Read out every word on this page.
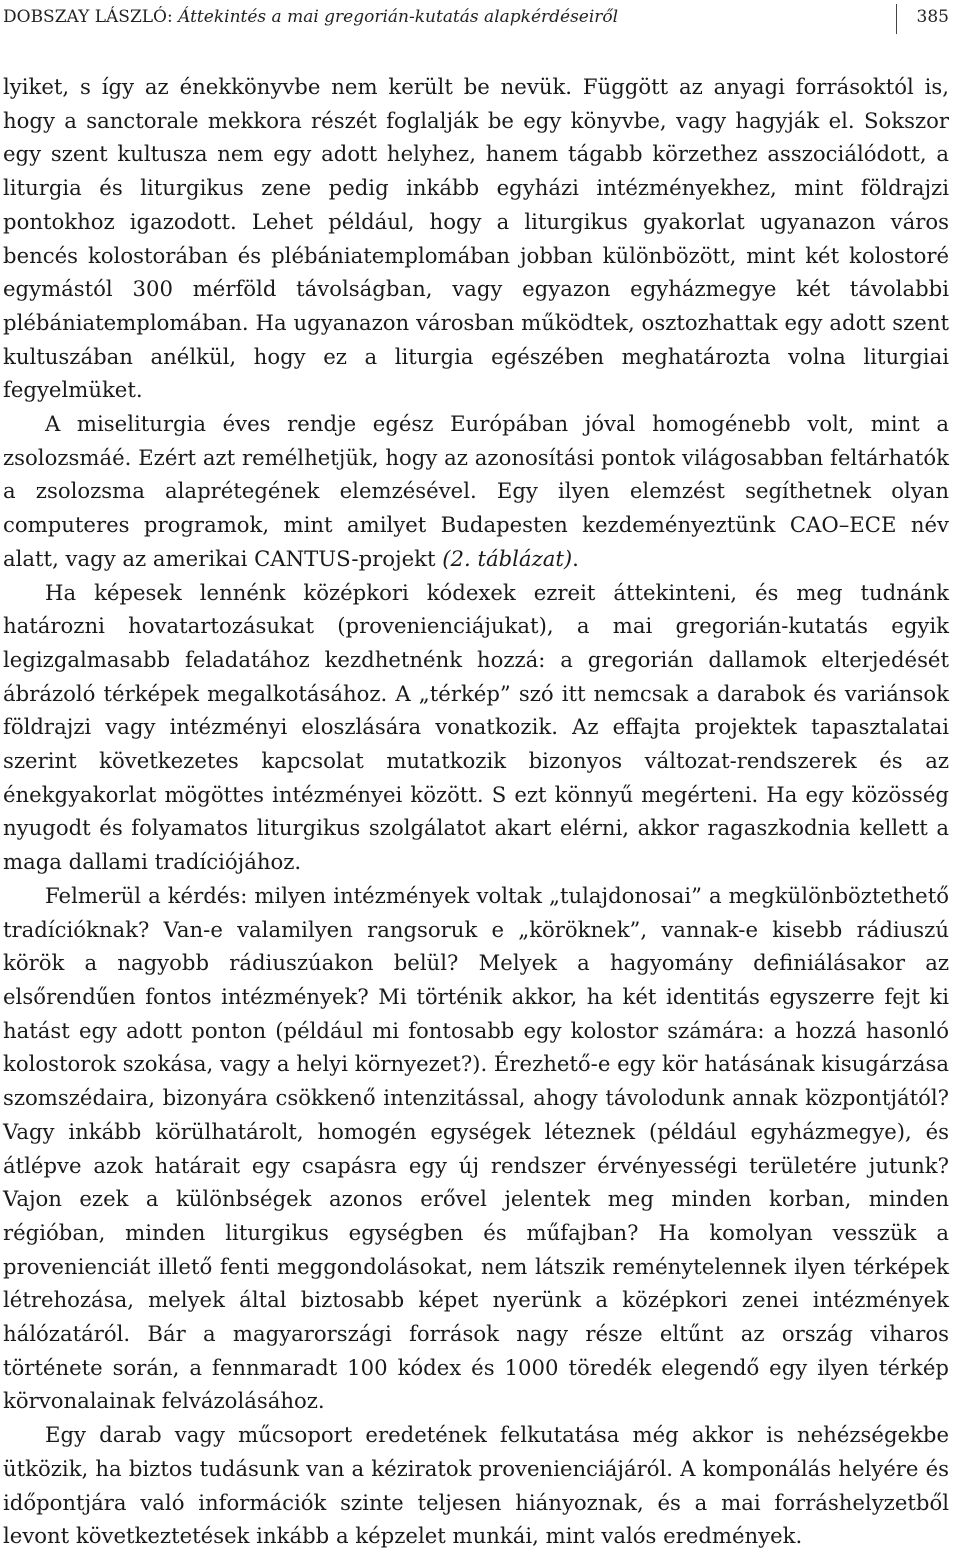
DOBSZAY LÁSZLÓ: Áttekintés a mai gregorián-kutatás alapkérdéseiről	385

lyiket, s így az énekkönyvbe nem került be nevük. Függött az anyagi forrásoktól is, hogy a sanctorale mekkora részét foglalják be egy könyvbe, vagy hagyják el. Sokszor egy szent kultusza nem egy adott helyhez, hanem tágabb körzethez asszociálódott, a liturgia és liturgikus zene pedig inkább egyházi intézményekhez, mint földrajzi pontokhoz igazodott. Lehet például, hogy a liturgikus gyakorlat ugyanazon város bencés kolostorában és plébániatemplomában jobban különbözött, mint két kolostoré egymástól 300 mérföld távolságban, vagy egyazon egyházmegye két távolabbi plébániatemplomában. Ha ugyanazon városban működtek, osztozhattak egy adott szent kultuszában anélkül, hogy ez a liturgia egészében meghatározta volna liturgiai fegyelmüket.

A miseliturgia éves rendje egész Európában jóval homogénebb volt, mint a zsolozsmáé. Ezért azt remélhetjük, hogy az azonosítási pontok világosabban feltárhatók a zsolozsma alaprétegének elemzésével. Egy ilyen elemzést segíthetnek olyan computeres programok, mint amilyet Budapesten kezdeményeztünk CAO–ECE név alatt, vagy az amerikai CANTUS-projekt (2. táblázat).

Ha képesek lennénk középkori kódexek ezreit áttekinteni, és meg tudnánk határozni hovatartozásukat (provenienciájukat), a mai gregorián-kutatás egyik legizgalmasabb feladatához kezdhetnénk hozzá: a gregorián dallamok elterjedését ábrázoló térképek megalkotásához. A „térkép” szó itt nemcsak a darabok és variánsok földrajzi vagy intézményi eloszlására vonatkozik. Az effajta projektek tapasztalatai szerint következetes kapcsolat mutatkozik bizonyos változat-rendszerek és az énekgyakorlat mögöttes intézményei között. S ezt könnyű megérteni. Ha egy közösség nyugodt és folyamatos liturgikus szolgálatot akart elérni, akkor ragaszkodnia kellett a maga dallami tradíciójához.

Felmerül a kérdés: milyen intézmények voltak „tulajdonosai” a megkülönböztethető tradícióknak? Van-e valamilyen rangsoruk e „köröknek”, vannak-e kisebb rádiuszú körök a nagyobb rádiuszúakon belül? Melyek a hagyomány definiálásakor az elsőrendűen fontos intézmények? Mi történik akkor, ha két identitás egyszerre fejt ki hatást egy adott ponton (például mi fontosabb egy kolostor számára: a hozzá hasonló kolostorok szokása, vagy a helyi környezet?). Érezhető-e egy kör hatásának kisugárzása szomszédaira, bizonyára csökkenő intenzitással, ahogy távolodunk annak központjától? Vagy inkább körülhatárolt, homogén egységek léteznek (például egyházmegye), és átlépve azok határait egy csapásra egy új rendszer érvényességi területére jutunk? Vajon ezek a különbségek azonos erővel jelentek meg minden korban, minden régióban, minden liturgikus egységben és műfajban? Ha komolyan vesszük a provenienciát illető fenti meggondolásokat, nem látszik reménytelennek ilyen térképek létrehozása, melyek által biztosabb képet nyerünk a középkori zenei intézmények hálózatáról. Bár a magyarországi források nagy része eltűnt az ország viharos története során, a fennmaradt 100 kódex és 1000 töredék elegendő egy ilyen térkép körvonalainak felvázolásához.

Egy darab vagy műcsoport eredetének felkutatása még akkor is nehézségekbe ütközik, ha biztos tudásunk van a kéziratok provenienciájáról. A komponálás helyére és időpontjára való információk szinte teljesen hiányoznak, és a mai forráshelyzetből levont következtetések inkább a képzelet munkái, mint valós eredmények.
